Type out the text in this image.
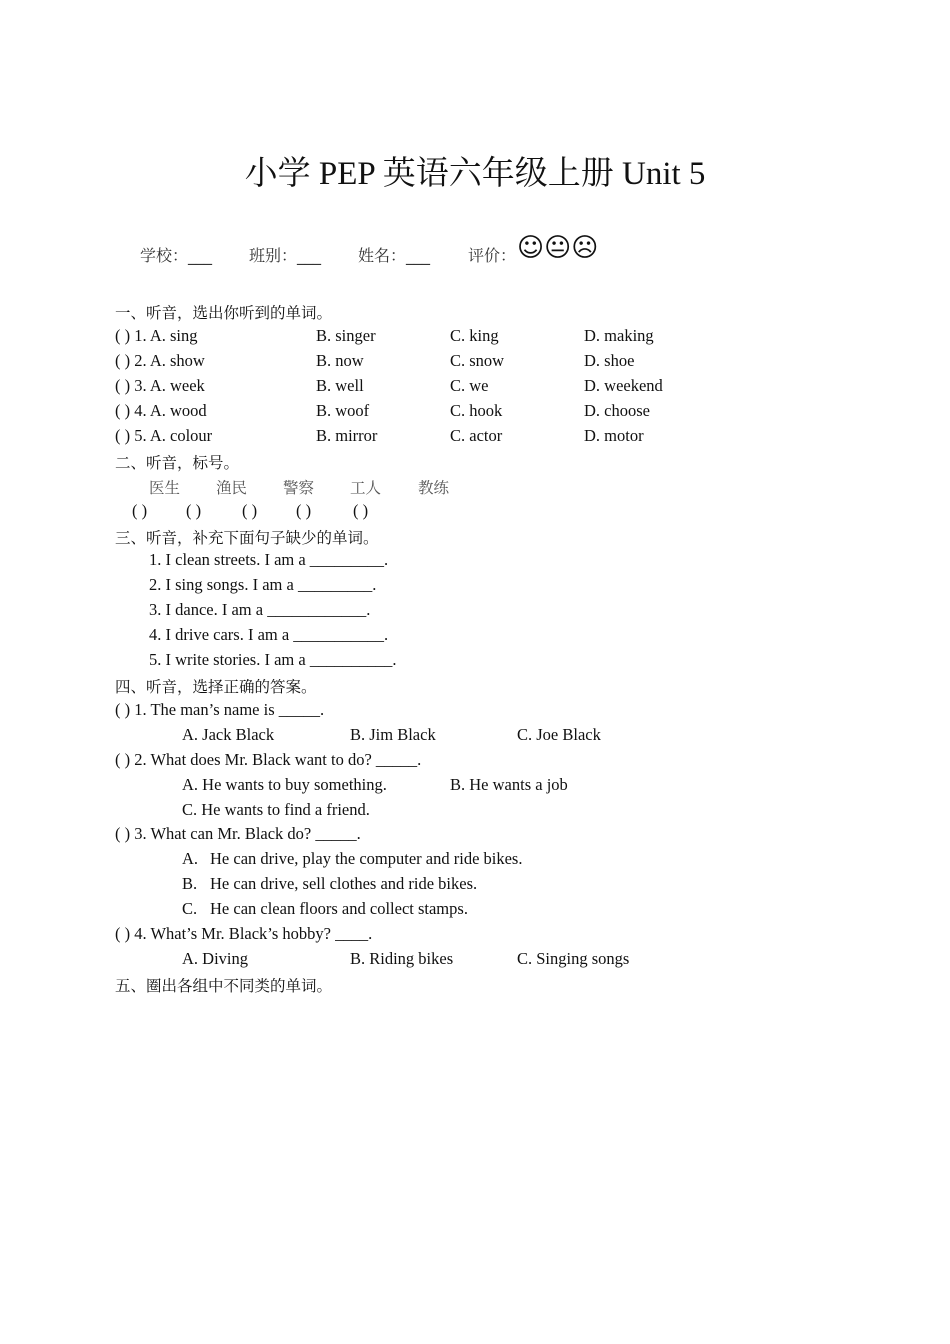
小学 PEP 英语六年级上册 Unit 5
学校：___ 班别：___ 姓名：___ 评价： ☺😐☹
一、听音，选出你听到的单词。
( ) 1. A. sing	B. singer	C. king	D. making
( ) 2. A. show	B. now	C. snow	D. shoe
( ) 3. A. week	B. well	C. we	D. weekend
( ) 4. A. wood	B. woof	C. hook	D. choose
( ) 5. A. colour	B. mirror	C. actor	D. motor
二、听音，标号。
医生 渔民 警察 工人 教练
( ) ( ) ( ) ( )	( )
三、听音，补充下面句子缺少的单词。
1. I clean streets. I am a _________.
2. I sing songs. I am a _________.
3. I dance. I am a ____________.
4. I drive cars. I am a ___________.
5. I write stories. I am a __________.
四、听音，选择正确的答案。
( ) 1. The man’s name is _____.
A. Jack Black	B. Jim Black	C. Joe Black
( ) 2. What does Mr. Black want to do? _____.
A. He wants to buy something.	B. He wants a job
C. He wants to find a friend.
( ) 3. What can Mr. Black do? _____.
A. He can drive, play the computer and ride bikes.
B. He can drive, sell clothes and ride bikes.
C. He can clean floors and collect stamps.
( ) 4. What’s Mr. Black’s hobby? ____.
A. Diving	B. Riding bikes	C. Singing songs
五、圈出各组中不同类的单词。
